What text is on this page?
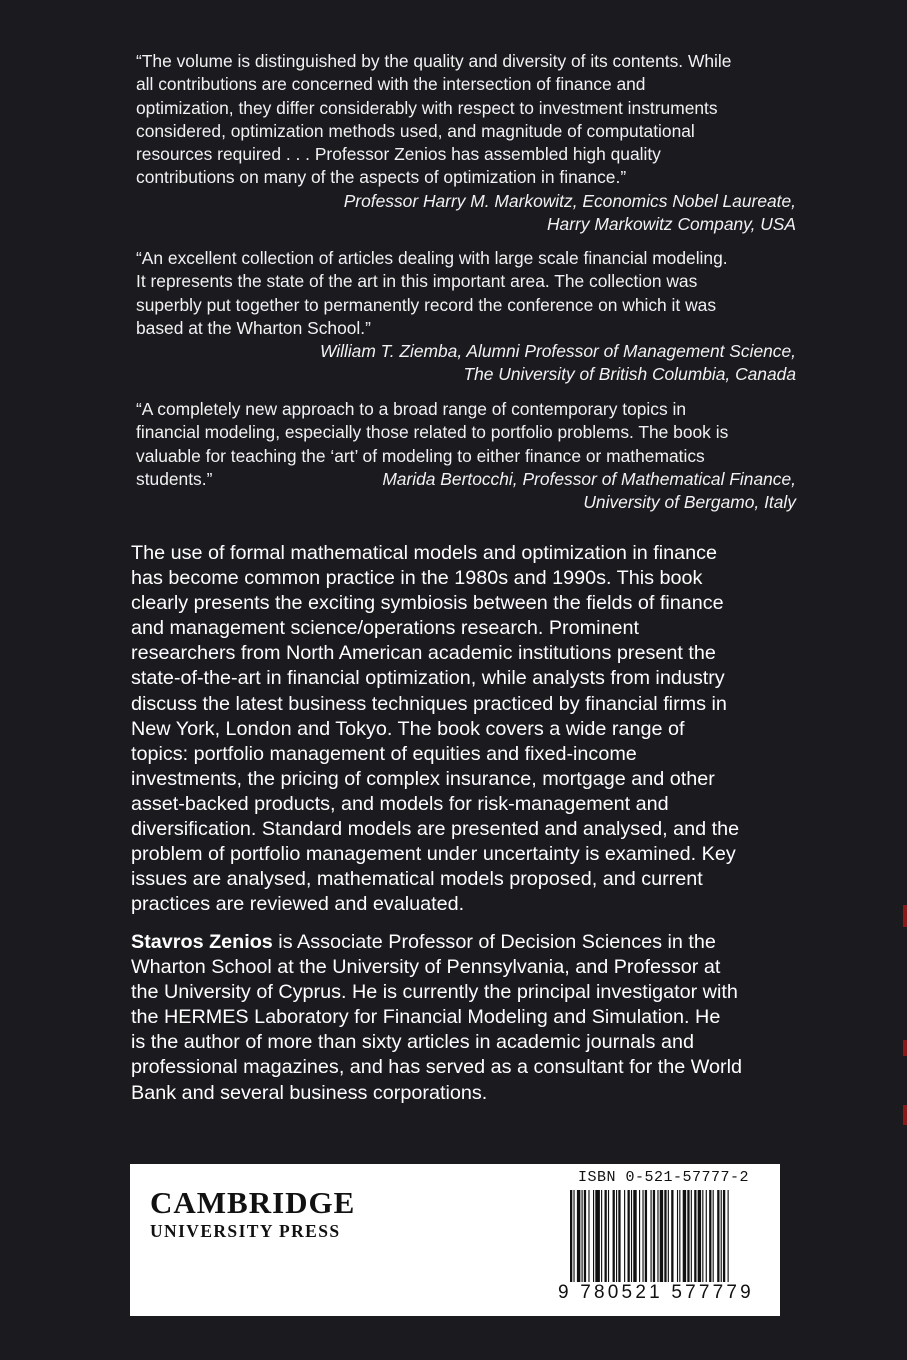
“The volume is distinguished by the quality and diversity of its contents. While
all contributions are concerned with the intersection of finance and
optimization, they differ considerably with respect to investment instruments
considered, optimization methods used, and magnitude of computational
resources required . . . Professor Zenios has assembled high quality
contributions on many of the aspects of optimization in finance.”

Professor Harry M. Markowitz, Economics Nobel Laureate,

Harry Markowitz Company, USA

“An excellent collection of articles dealing with large scale financial modeling.
It represents the state of the art in this important area. The collection was
superbly put together to permanently record the conference on which it was
based at the Wharton School.”

William T. Ziemba, Alumni Professor of Management Science,

The University of British Columbia, Canada

“A completely new approach to a broad range of contemporary topics in
financial modeling, especially those related to portfolio problems. The book is
valuable for teaching the ‘art’ of modeling to either finance or mathematics

students.”	Marida Bertocchi, Professor of Mathematical Finance,

University of Bergamo, Italy

The use of formal mathematical models and optimization in finance
has become common practice in the 1980s and 1990s. This book
clearly presents the exciting symbiosis between the fields of finance
and management science/operations research. Prominent
researchers from North American academic institutions present the
state-of-the-art in financial optimization, while analysts from industry
discuss the latest business techniques practiced by financial firms in
New York, London and Tokyo. The book covers a wide range of
topics: portfolio management of equities and fixed-income
investments, the pricing of complex insurance, mortgage and other
asset-backed products, and models for risk-management and
diversification. Standard models are presented and analysed, and the
problem of portfolio management under uncertainty is examined. Key
issues are analysed, mathematical models proposed, and current
practices are reviewed and evaluated.

Stavros Zenios is Associate Professor of Decision Sciences in the
Wharton School at the University of Pennsylvania, and Professor at
the University of Cyprus. He is currently the principal investigator with
the HERMES Laboratory for Financial Modeling and Simulation. He
is the author of more than sixty articles in academic journals and
professional magazines, and has served as a consultant for the World
Bank and several business corporations.

CAMBRIDGE
UNIVERSITY PRESS
ISBN 0-521-57777-2
9 780521 577779
